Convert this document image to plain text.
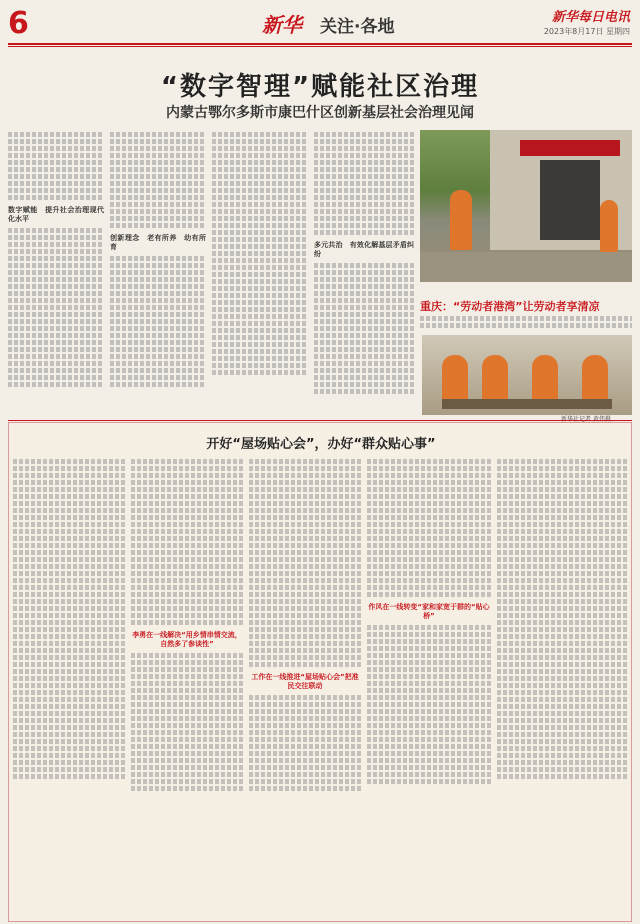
6	新华 关注·各地	新华每日电讯
2023年8月17日 星期四
“数字智理”赋能社区治理
内蒙古鄂尔多斯市康巴什区创新基层社会治理见闻
数字赋能　提升社会治理现代化水平
创新理念　老有所养　幼有所育	多元共治　有效化解基层矛盾纠纷
重庆：“劳动者港湾”让劳动者享清凉
开好“屋场贴心会”，办好“群众贴心事”
李勇在一线解决“用乡情串情交流，自然多了参谈性”
工作在一线推进“屋场贴心会”把准民交往联动
作风在一线转变“家和家宽于群的“贴心桥”
